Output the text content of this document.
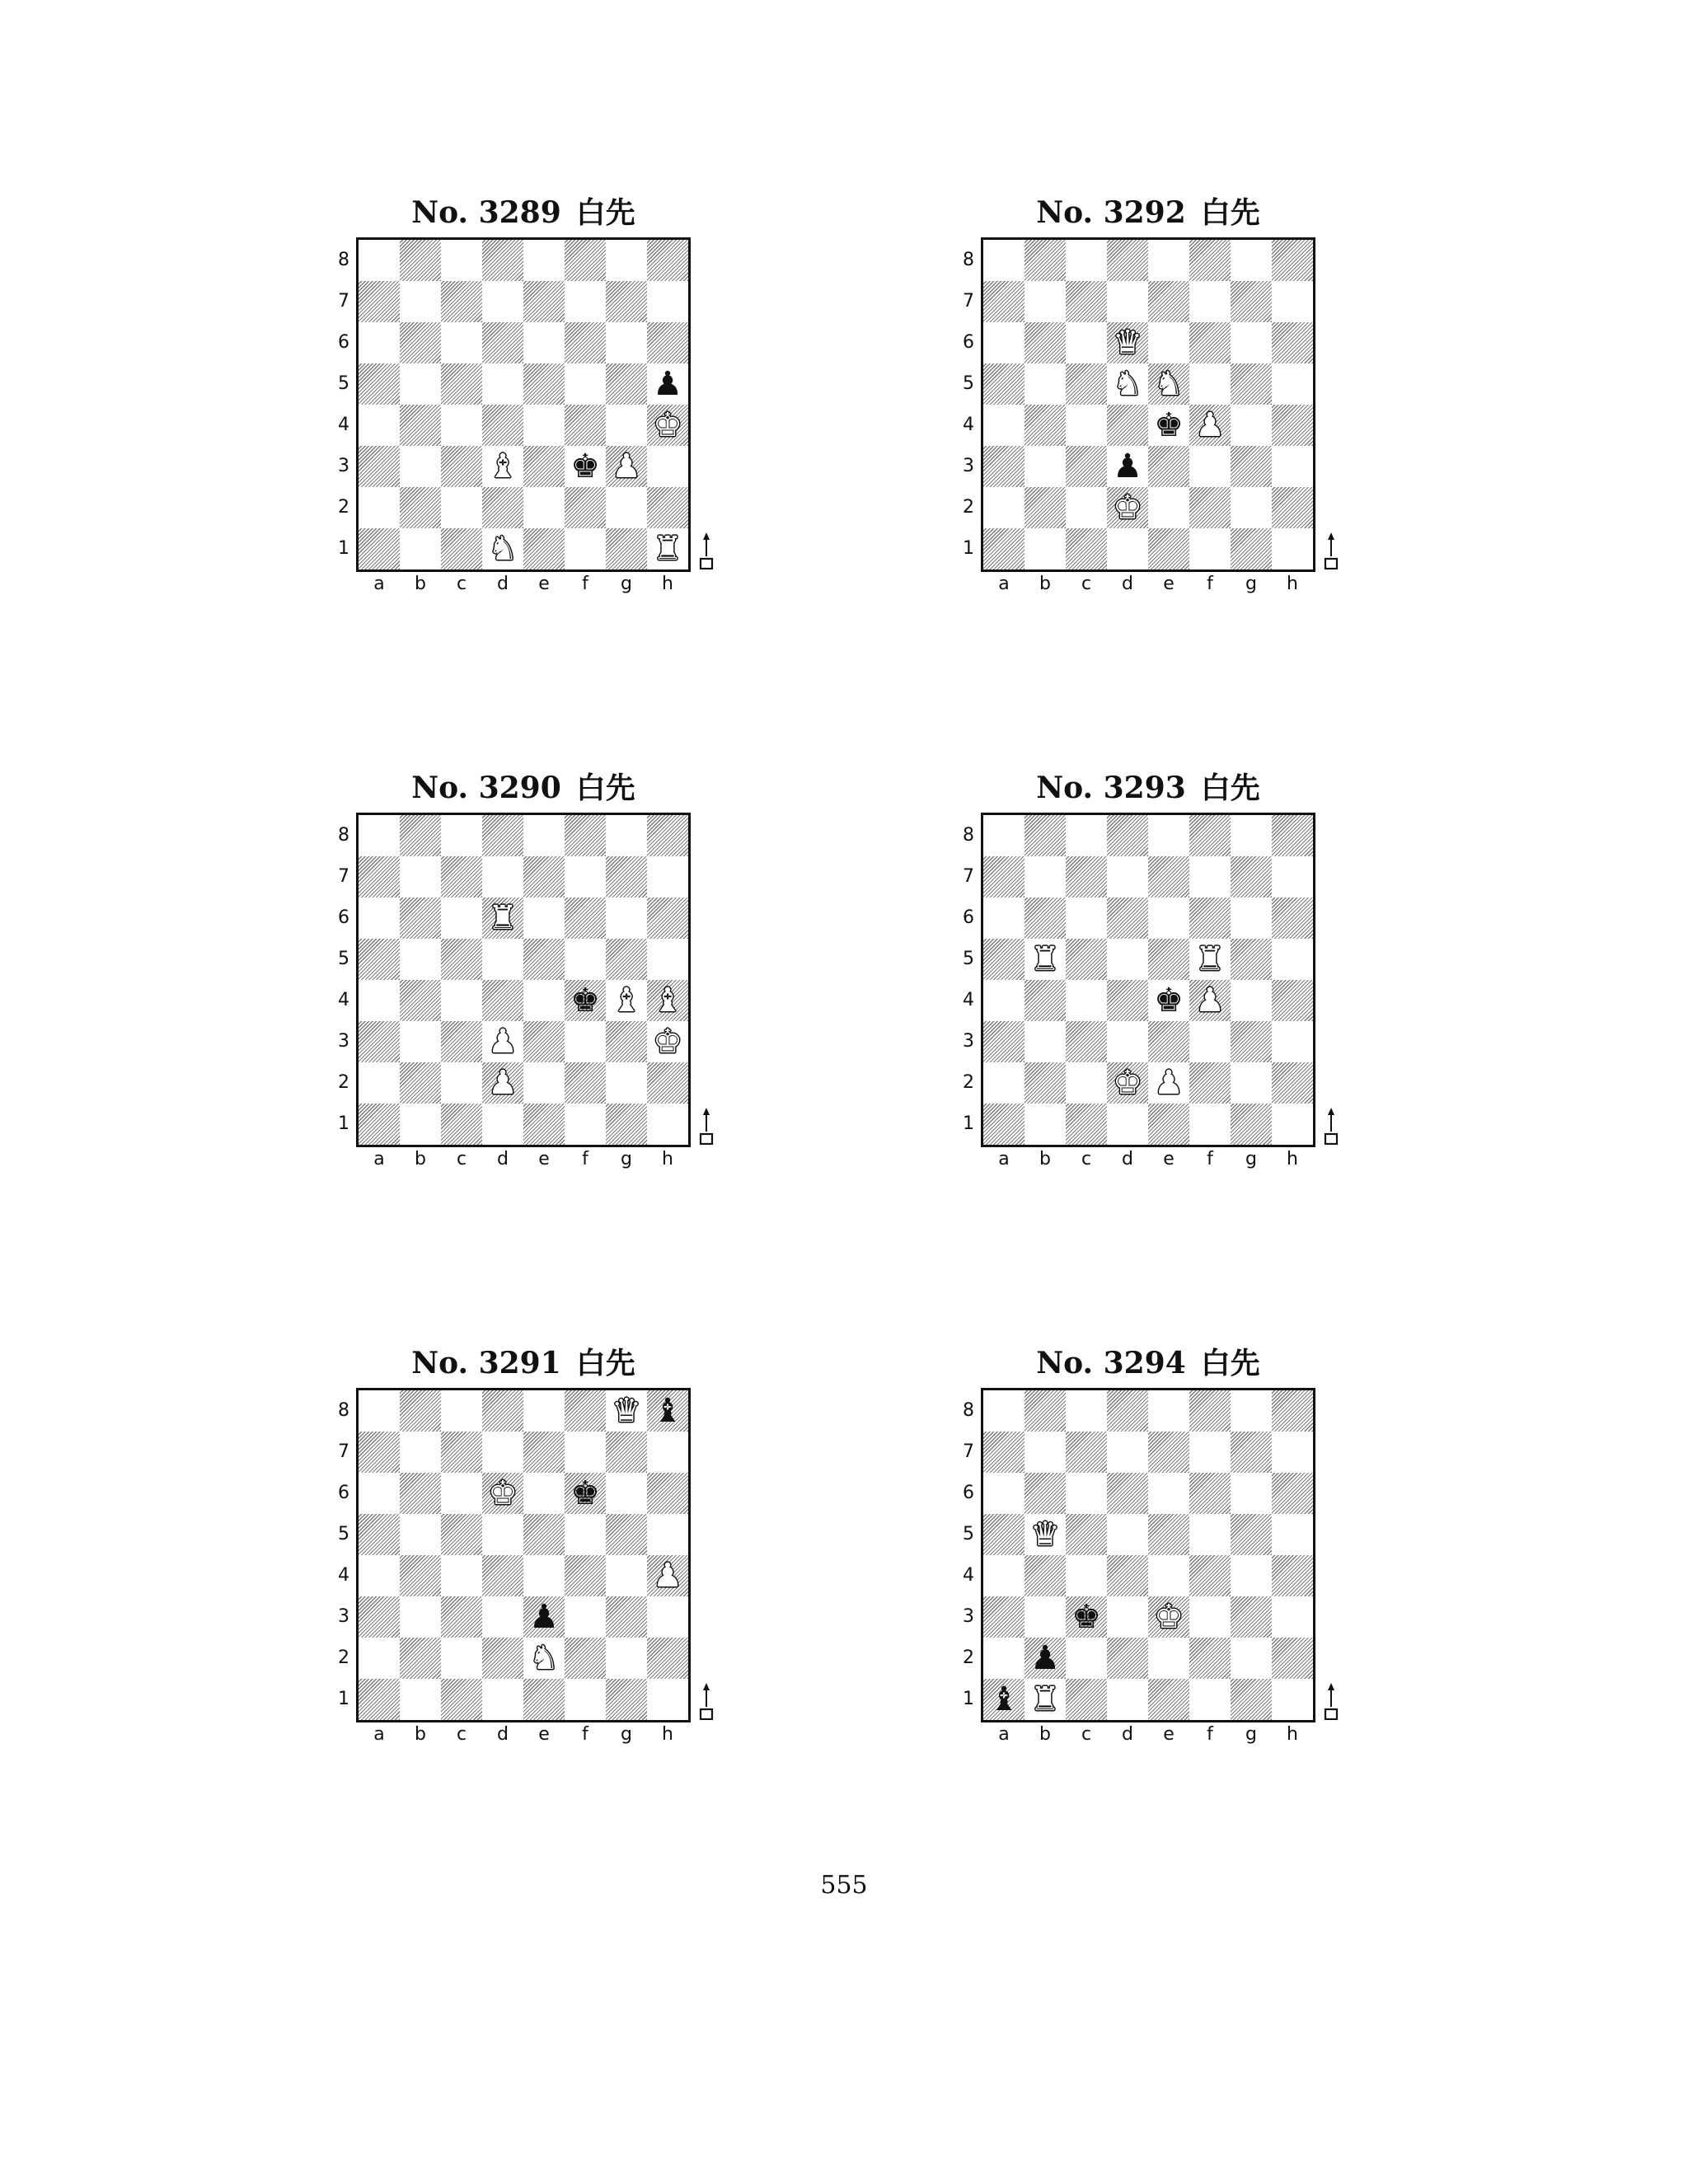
No. 3289 白先
♟
♚
♝ ♚ ♟
♞	♜
8
7
6
5
4
3
2
1
a	b	c	d	e	f	g	h
No. 3292 白先
♛
♞ ♞
♚ ♟
♟
♚
8
7
6
5
4
3
2
1
a	b	c	d	e	f	g	h
No. 3290 白先
♜
♚ ♝ ♝
♟	♚
♟
8
7
6
5
4
3
2
1
a	b	c	d	e	f	g	h
No. 3293 白先
♜	♜
♚ ♟
♚ ♟
8
7
6
5
4
3
2
1
a	b	c	d	e	f	g	h
No. 3291 白先
♛ ♝
♚ ♚
♟
♟
♞
8
7
6
5
4
3
2
1
a	b	c	d	e	f	g	h
No. 3294 白先
♛
♚ ♚
♟
♝ ♜
8
7
6
5
4
3
2
1
a	b	c	d	e	f	g	h
555
